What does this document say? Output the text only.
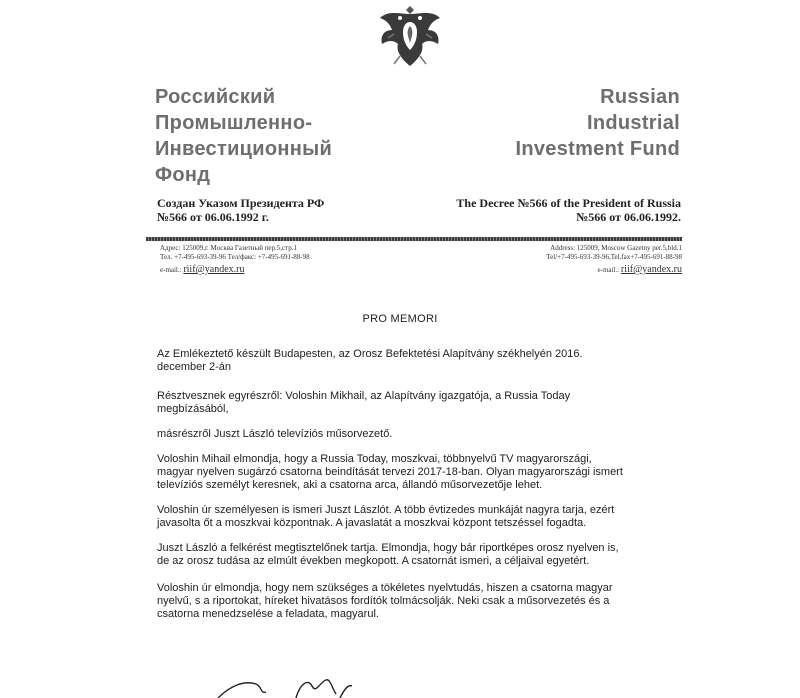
Российский
Промышленно-
Инвестиционный
Фонд
Russian
Industrial
Investment Fund
Создан Указом Президента РФ
№566 от 06.06.1992 г.
The Decree №566 of the President of Russia
№566 от 06.06.1992.
Адрес: 125009,г. Москва Газетный пер.5,стр.1
Тел. +7-495-693-39-96 Тел/факс: +7-495-691-88-98
e-mail.: riif@yandex.ru
Address: 125009, Moscow Gazetny per.5,bld.1
Tel/+7-495-693-39-96,Tel,fax+7-495-691-88-98
e-mail.: riif@yandex.ru
PRO MEMORI

Az Emlékeztető készült Budapesten, az Orosz Befektetési Alapítvány székhelyén 2016. december 2-án

Résztvesznek egyrészről: Voloshin Mikhail, az Alapítvány igazgatója, a Russia Today megbízásából,

másrészről Juszt László televíziós műsorvezető.

Voloshin Mihail elmondja, hogy a Russia Today, moszkvai, többnyelvű TV magyarországi, magyar nyelven sugárzó csatorna beindítását tervezi 2017-18-ban. Olyan magyarországi ismert televíziós személyt keresnek, aki a csatorna arca, állandó műsorvezetője lehet.

Voloshin úr személyesen is ismeri Juszt Lászlót. A több évtizedes munkáját nagyra tarja, ezért javasolta őt a moszkvai központnak. A javaslatát a moszkvai központ tetszéssel fogadta.

Juszt László a felkérést megtisztelőnek tartja. Elmondja, hogy bár riportképes orosz nyelven is, de az orosz tudása az elmúlt években megkopott. A csatornát ismeri, a céljaival egyetért.

Voloshin úr elmondja, hogy nem szükséges a tökéletes nyelvtudás, hiszen a csatorna magyar nyelvű, s a riportokat, híreket hivatásos fordítók tolmácsolják. Neki csak a műsorvezetés és a csatorna menedzselése a feladata, magyarul.
